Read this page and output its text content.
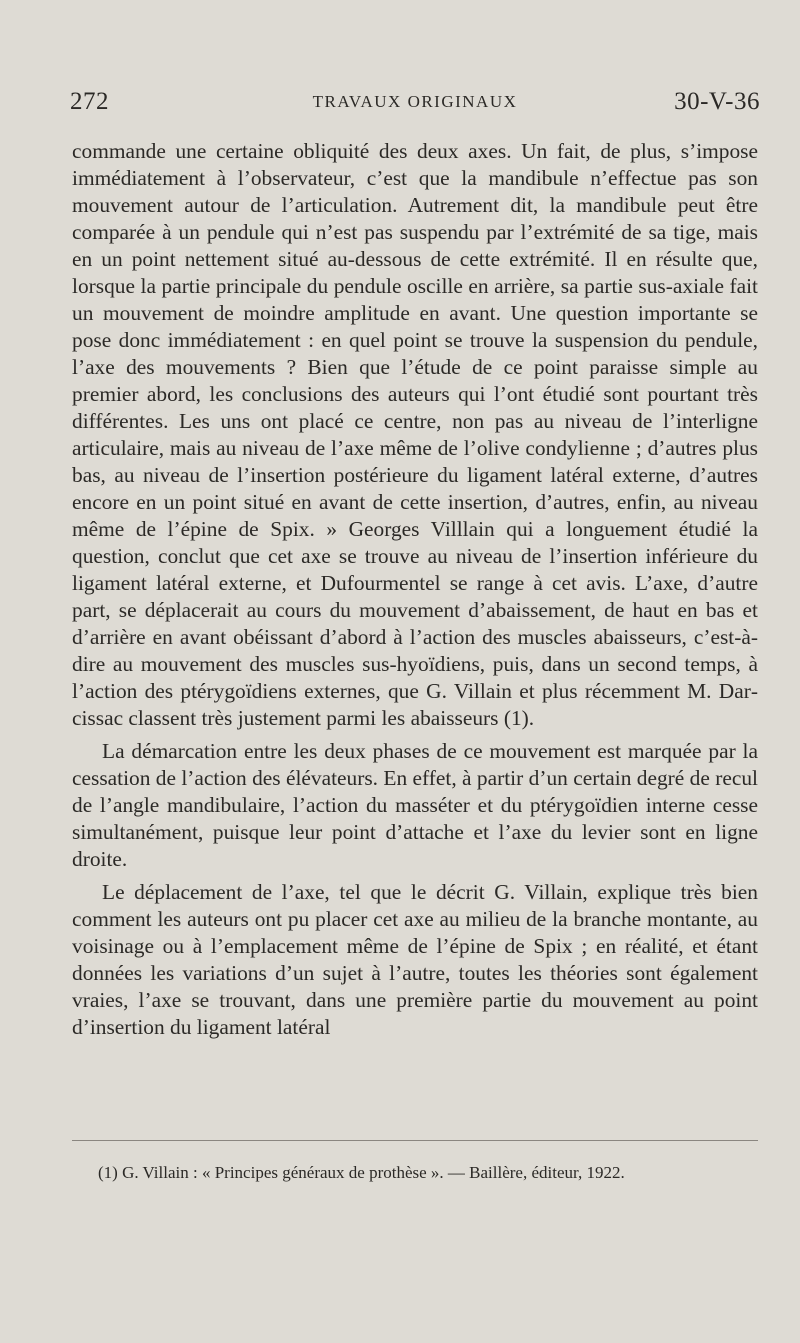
272	TRAVAUX ORIGINAUX	30-V-36

commande une certaine obliquité des deux axes. Un fait, de plus, s’impose immédiatement à l’observateur, c’est que la mandibule n’effectue pas son mouvement autour de l’articulation. Autrement dit, la mandibule peut être comparée à un pendule qui n’est pas suspendu par l’extrémité de sa tige, mais en un point nettement situé au-dessous de cette extrémité. Il en résulte que, lorsque la partie principale du pendule oscille en arrière, sa partie sus-axiale fait un mouvement de moindre amplitude en avant. Une question importante se pose donc immédiatement : en quel point se trouve la suspension du pendule, l’axe des mouvements ? Bien que l’étude de ce point paraisse simple au premier abord, les conclusions des auteurs qui l’ont étudié sont pourtant très différentes. Les uns ont placé ce centre, non pas au niveau de l’interligne articulaire, mais au niveau de l’axe même de l’olive condylienne ; d’autres plus bas, au niveau de l’insertion postérieure du ligament latéral externe, d’autres encore en un point situé en avant de cette insertion, d’autres, enfin, au niveau même de l’épine de Spix. » Georges Villlain qui a longuement étudié la question, conclut que cet axe se trouve au niveau de l’insertion inférieure du ligament latéral externe, et Dufourmentel se range à cet avis. L’axe, d’autre part, se déplacerait au cours du mouvement d’abaissement, de haut en bas et d’arrière en avant obéissant d’abord à l’action des muscles abaisseurs, c’est-à-dire au mouvement des muscles sus-hyoïdiens, puis, dans un second temps, à l’action des ptérygoïdiens externes, que G. Villain et plus récemment M. Darcissac classent très justement parmi les abaisseurs (1).

La démarcation entre les deux phases de ce mouvement est marquée par la cessation de l’action des élévateurs. En effet, à partir d’un certain degré de recul de l’angle mandibulaire, l’action du masséter et du ptérygoïdien interne cesse simultanément, puisque leur point d’attache et l’axe du levier sont en ligne droite.

Le déplacement de l’axe, tel que le décrit G. Villain, explique très bien comment les auteurs ont pu placer cet axe au milieu de la branche montante, au voisinage ou à l’emplacement même de l’épine de Spix ; en réalité, et étant données les variations d’un sujet à l’autre, toutes les théories sont également vraies, l’axe se trouvant, dans une première partie du mouvement au point d’insertion du ligament latéral

(1) G. Villain : « Principes généraux de prothèse ». — Baillère, éditeur, 1922.
